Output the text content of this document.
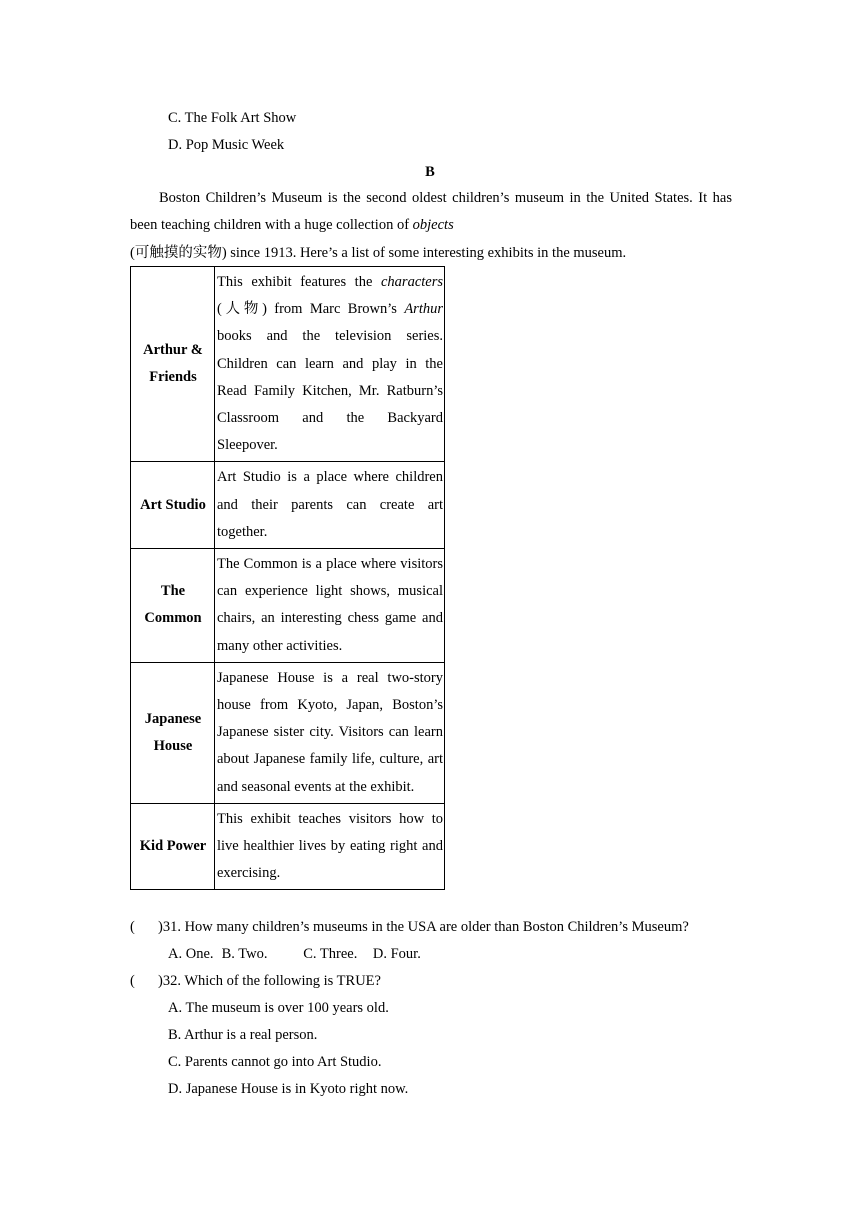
C. The Folk Art Show
D. Pop Music Week
B
Boston Children’s Museum is the second oldest children’s museum in the United States. It has been teaching children with a huge collection of objects
(可触摸的实物) since 1913. Here’s a list of some interesting exhibits in the museum.
Arthur & Friends	This exhibit features the characters (人物) from Marc Brown’s Arthur books and the television series. Children can learn and play in the Read Family Kitchen, Mr. Ratburn’s Classroom and the Backyard Sleepover.
Art Studio	Art Studio is a place where children and their parents can create art together.
The Common	The Common is a place where visitors can experience light shows, musical chairs, an interesting chess game and many other activities.
Japanese House	Japanese House is a real two-story house from Kyoto, Japan, Boston’s Japanese sister city. Visitors can learn about Japanese family life, culture, art and seasonal events at the exhibit.
Kid Power	This exhibit teaches visitors how to live healthier lives by eating right and exercising.
( )31. How many children’s museums in the USA are older than Boston Children’s Museum?
A. One. B. Two. C. Three. D. Four.
( )32. Which of the following is TRUE?
A. The museum is over 100 years old.
B. Arthur is a real person.
C. Parents cannot go into Art Studio.
D. Japanese House is in Kyoto right now.
